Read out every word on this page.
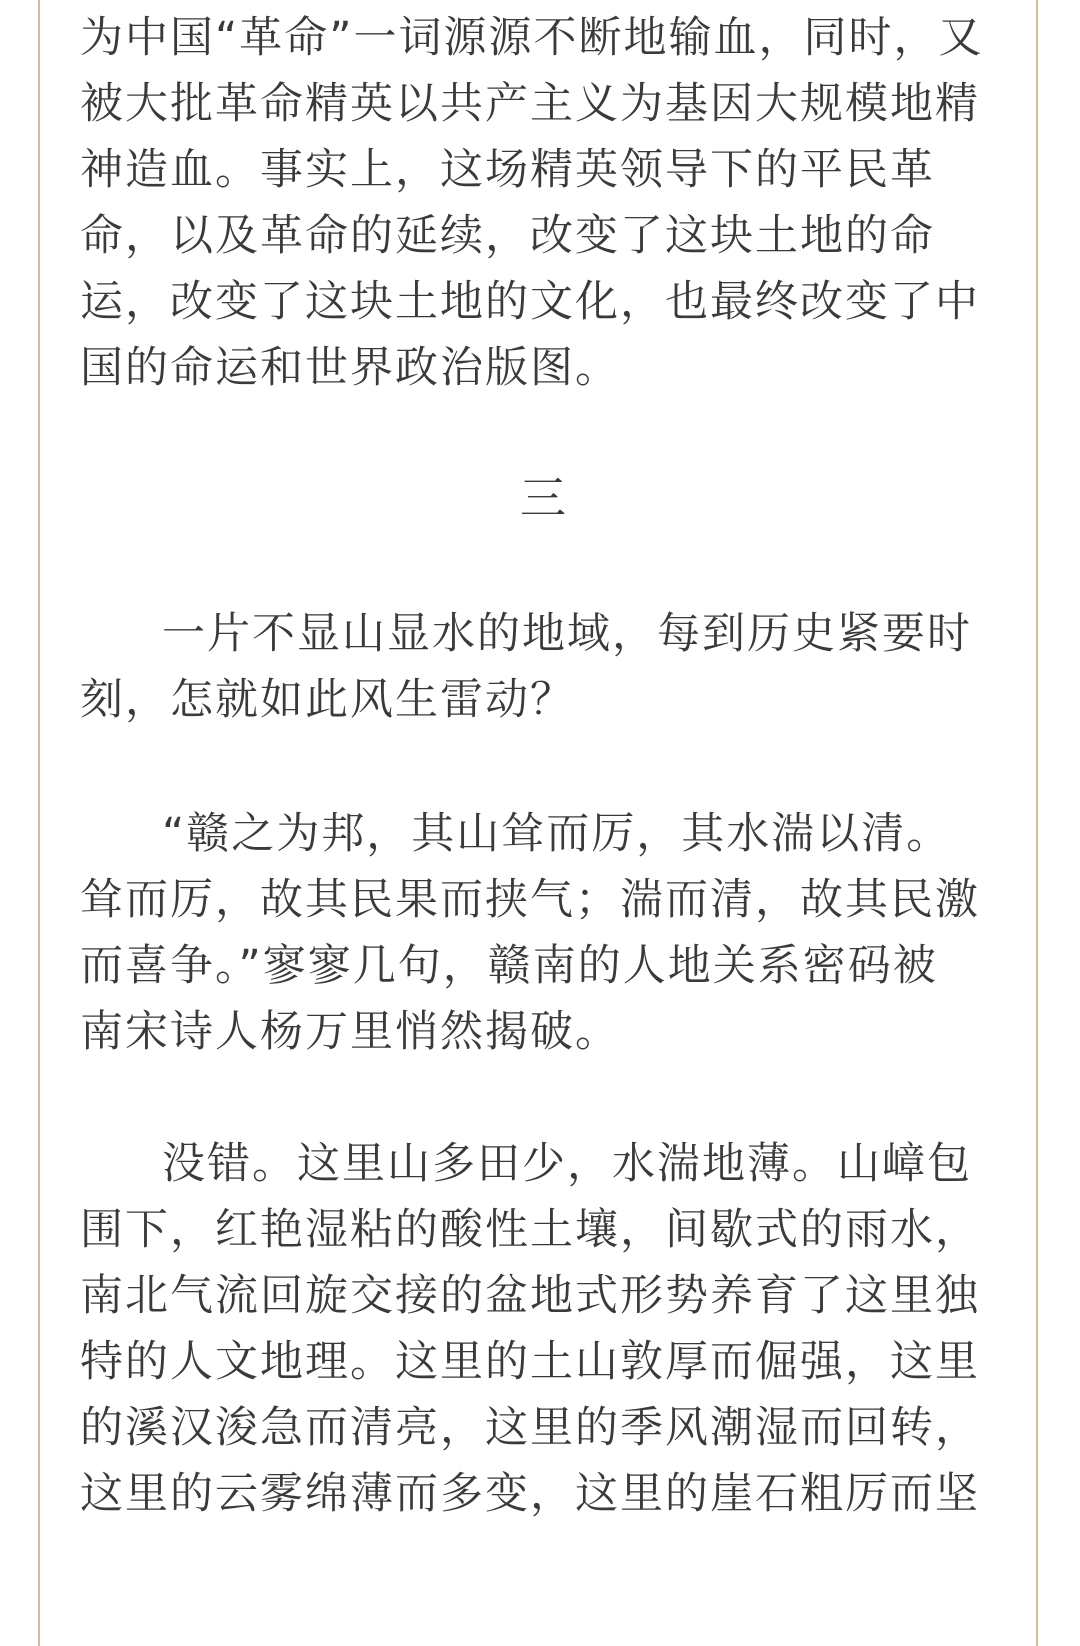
为中国“革命”一词源源不断地输血，同时，又
被大批革命精英以共产主义为基因大规模地精
神造血。事实上，这场精英领导下的平民革
命，以及革命的延续，改变了这块土地的命
运，改变了这块土地的文化，也最终改变了中
国的命运和世界政治版图。
三
一片不显山显水的地域，每到历史紧要时
刻，怎就如此风生雷动？
“赣之为邦，其山耸而厉，其水湍以清。
耸而厉，故其民果而挟气；湍而清，故其民激
而喜争。”寥寥几句，赣南的人地关系密码被
南宋诗人杨万里悄然揭破。
没错。这里山多田少，水湍地薄。山嶂包
围下，红艳湿粘的酸性土壤，间歇式的雨水，
南北气流回旋交接的盆地式形势养育了这里独
特的人文地理。这里的土山敦厚而倔强，这里
的溪汉浚急而清亮，这里的季风潮湿而回转，
这里的云雾绵薄而多变，这里的崖石粗厉而坚
